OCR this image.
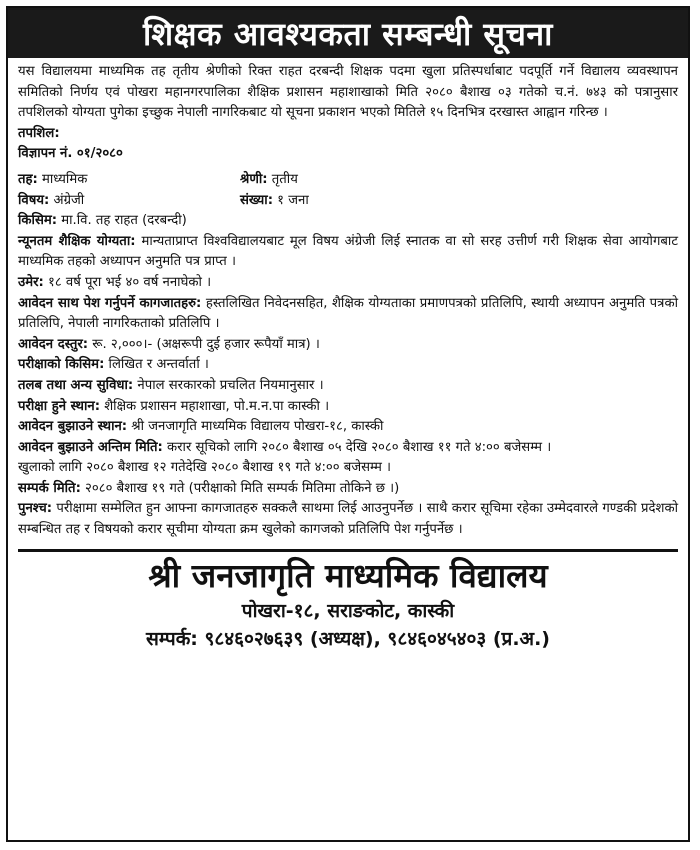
शिक्षक आवश्यकता सम्बन्धी सूचना

यस विद्यालयमा माध्यमिक तह तृतीय श्रेणीको रिक्त राहत दरबन्दी शिक्षक पदमा खुला प्रतिस्पर्धाबाट पदपूर्ति गर्ने विद्यालय व्यवस्थापन समितिको निर्णय एवं पोखरा महानगरपालिका शैक्षिक प्रशासन महाशाखाको मिति २०८० बैशाख ०३ गतेको च.नं. ७४३ को पत्रानुसार तपशिलको योग्यता पुगेका इच्छुक नेपाली नागरिकबाट यो सूचना प्रकाशन भएको मितिले १५ दिनभित्र दरखास्त आह्वान गरिन्छ ।

तपशिल:

विज्ञापन नं. ०१/२०८०

तह: माध्यमिक	श्रेणी: तृतीय
विषय: अंग्रेजी	संख्या: १ जना

किसिम: मा.वि. तह राहत (दरबन्दी)

न्यूनतम शैक्षिक योग्यता: मान्यताप्राप्त विश्वविद्यालयबाट मूल विषय अंग्रेजी लिई स्नातक वा सो सरह उत्तीर्ण गरी शिक्षक सेवा आयोगबाट माध्यमिक तहको अध्यापन अनुमति पत्र प्राप्त ।

उमेर: १८ वर्ष पूरा भई ४० वर्ष ननाघेको ।

आवेदन साथ पेश गर्नुपर्ने कागजातहरु: हस्तलिखित निवेदनसहित, शैक्षिक योग्यताका प्रमाणपत्रको प्रतिलिपि, स्थायी अध्यापन अनुमति पत्रको प्रतिलिपि, नेपाली नागरिकताको प्रतिलिपि ।

आवेदन दस्तुर: रू. २,०००।- (अक्षरूपी दुई हजार रूपैयाँ मात्र) ।

परीक्षाको किसिम: लिखित र अन्तर्वार्ता ।

तलब तथा अन्य सुविधा: नेपाल सरकारको प्रचलित नियमानुसार ।

परीक्षा हुने स्थान: शैक्षिक प्रशासन महाशाखा, पो.म.न.पा कास्की ।

आवेदन बुझाउने स्थान: श्री जनजागृति माध्यमिक विद्यालय पोखरा-१८, कास्की

आवेदन बुझाउने अन्तिम मिति: करार सूचिको लागि २०८० बैशाख ०५ देखि २०८० बैशाख ११ गते ४:०० बजेसम्म ।

खुलाको लागि २०८० बैशाख १२ गतेदेखि २०८० बैशाख १९ गते ४:०० बजेसम्म ।

सम्पर्क मिति: २०८० बैशाख १९ गते (परीक्षाको मिति सम्पर्क मितिमा तोकिने छ ।)

पुनश्च: परीक्षामा सम्मेलित हुन आफ्ना कागजातहरु सक्कलै साथमा लिई आउनुपर्नेछ । साथै करार सूचिमा रहेका उम्मेदवारले गण्डकी प्रदेशको सम्बन्धित तह र विषयको करार सूचीमा योग्यता क्रम खुलेको कागजको प्रतिलिपि पेश गर्नुपर्नेछ ।

श्री जनजागृति माध्यमिक विद्यालय
पोखरा-१८, सराङकोट, कास्की
सम्पर्क: ९८४६०२७६३९ (अध्यक्ष), ९८४६०४५४०३ (प्र.अ.)
